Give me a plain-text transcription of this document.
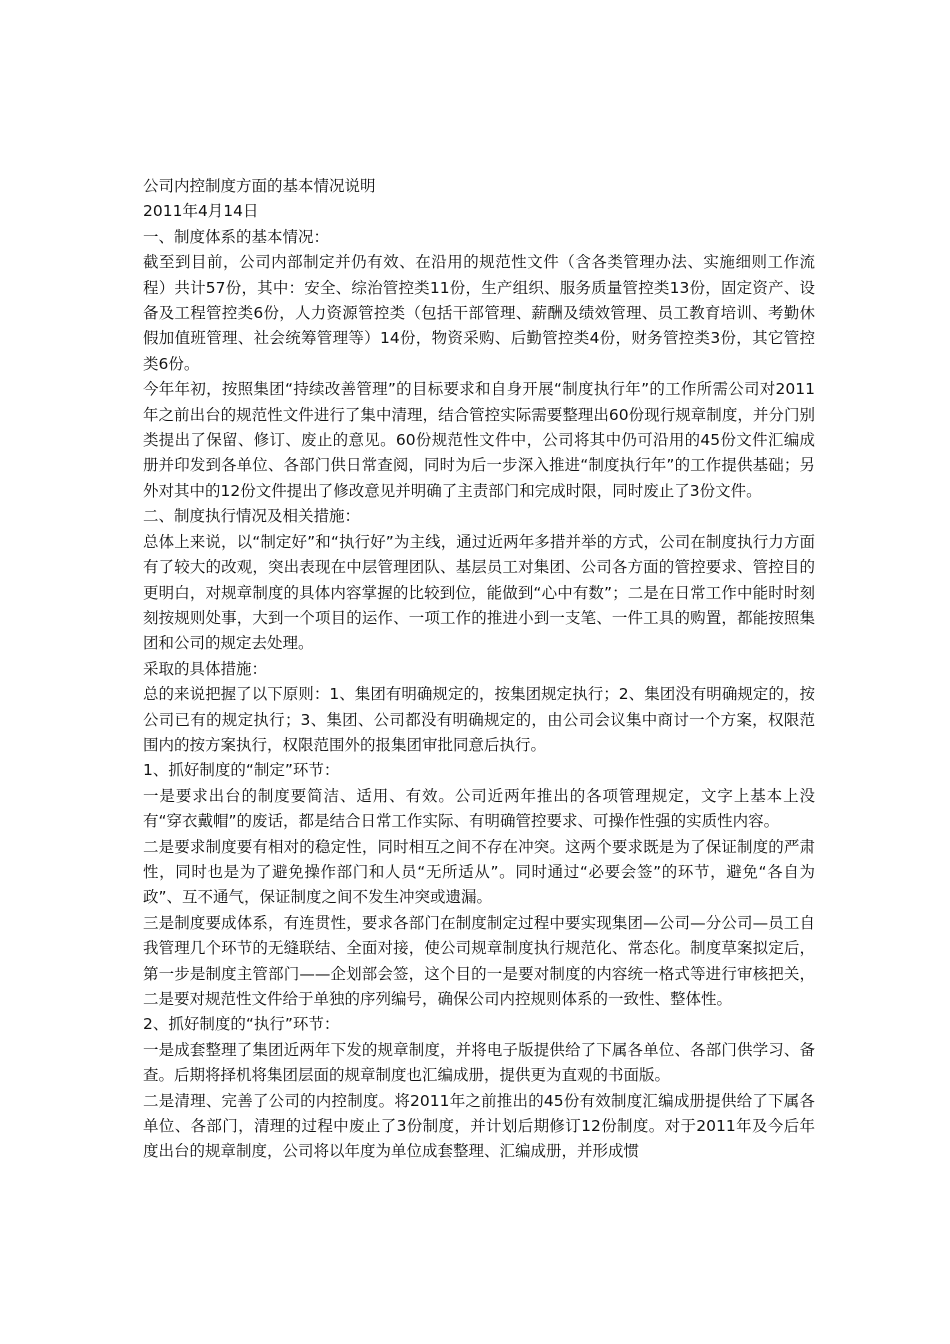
公司内控制度方面的基本情况说明

2011年4月14日

一、制度体系的基本情况：

截至到目前，公司内部制定并仍有效、在沿用的规范性文件（含各类管理办法、实施细则工作流程）共计57份，其中：安全、综治管控类11份，生产组织、服务质量管控类13份，固定资产、设备及工程管控类6份，人力资源管控类（包括干部管理、薪酬及绩效管理、员工教育培训、考勤休假加值班管理、社会统筹管理等）14份，物资采购、后勤管控类4份，财务管控类3份，其它管控类6份。

今年年初，按照集团“持续改善管理”的目标要求和自身开展“制度执行年”的工作所需公司对2011年之前出台的规范性文件进行了集中清理，结合管控实际需要整理出60份现行规章制度，并分门别类提出了保留、修订、废止的意见。60份规范性文件中，公司将其中仍可沿用的45份文件汇编成册并印发到各单位、各部门供日常查阅，同时为后一步深入推进“制度执行年”的工作提供基础；另外对其中的12份文件提出了修改意见并明确了主责部门和完成时限，同时废止了3份文件。

二、制度执行情况及相关措施：

总体上来说，以“制定好”和“执行好”为主线，通过近两年多措并举的方式，公司在制度执行力方面有了较大的改观，突出表现在中层管理团队、基层员工对集团、公司各方面的管控要求、管控目的更明白，对规章制度的具体内容掌握的比较到位，能做到“心中有数”；二是在日常工作中能时时刻刻按规则处事，大到一个项目的运作、一项工作的推进小到一支笔、一件工具的购置，都能按照集团和公司的规定去处理。

采取的具体措施：

总的来说把握了以下原则：1、集团有明确规定的，按集团规定执行；2、集团没有明确规定的，按公司已有的规定执行；3、集团、公司都没有明确规定的，由公司会议集中商讨一个方案，权限范围内的按方案执行，权限范围外的报集团审批同意后执行。

1、抓好制度的“制定”环节：

一是要求出台的制度要简洁、适用、有效。公司近两年推出的各项管理规定，文字上基本上没有“穿衣戴帽”的废话，都是结合日常工作实际、有明确管控要求、可操作性强的实质性内容。

二是要求制度要有相对的稳定性，同时相互之间不存在冲突。这两个要求既是为了保证制度的严肃性，同时也是为了避免操作部门和人员“无所适从”。同时通过“必要会签”的环节，避免“各自为政”、互不通气，保证制度之间不发生冲突或遗漏。

三是制度要成体系，有连贯性，要求各部门在制度制定过程中要实现集团—公司—分公司—员工自我管理几个环节的无缝联结、全面对接，使公司规章制度执行规范化、常态化。制度草案拟定后，第一步是制度主管部门——企划部会签，这个目的一是要对制度的内容统一格式等进行审核把关，二是要对规范性文件给于单独的序列编号，确保公司内控规则体系的一致性、整体性。

2、抓好制度的“执行”环节：

一是成套整理了集团近两年下发的规章制度，并将电子版提供给了下属各单位、各部门供学习、备查。后期将择机将集团层面的规章制度也汇编成册，提供更为直观的书面版。

二是清理、完善了公司的内控制度。将2011年之前推出的45份有效制度汇编成册提供给了下属各单位、各部门，清理的过程中废止了3份制度，并计划后期修订12份制度。对于2011年及今后年度出台的规章制度，公司将以年度为单位成套整理、汇编成册，并形成惯
